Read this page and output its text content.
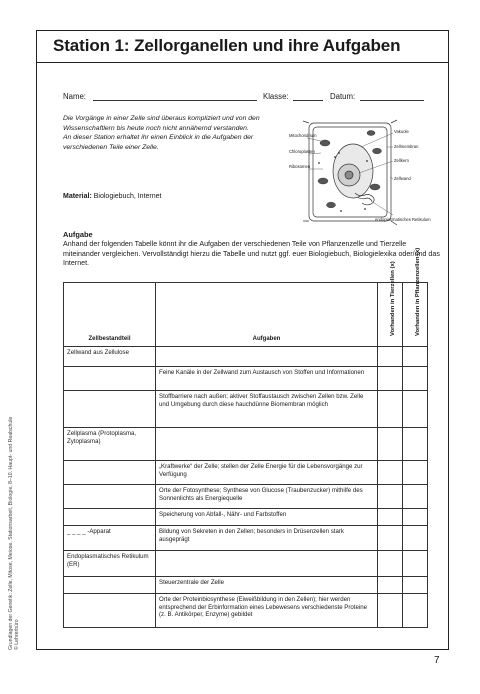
Station 1: Zellorganellen und ihre Aufgaben
Name:	Klasse:	Datum:

Die Vorgänge in einer Zelle sind überaus kompliziert und von den Wissenschaftlern bis heute noch nicht annähernd verstanden.

An dieser Station erhaltet ihr einen Einblick in die Aufgaben der verschiedenen Teile einer Zelle.

Material: Biologiebuch, Internet
Mitochondrium
Chloroplasten
Ribosomen
Vakuole
Zellmembran
Zellkern
Zellwand
endoplasmatisches Retikulum
Aufgabe
Anhand der folgenden Tabelle könnt ihr die Aufgaben der verschiedenen Teile von Pflanzenzelle und Tierzelle miteinander vergleichen. Vervollständigt hierzu die Tabelle und nutzt ggf. euer Biologiebuch, Biologielexika oder/und das Internet.
Zellbestandteil	Aufgaben	Vorhanden in Tierzellen (x)	Vorhanden in Pflanzenzellen (x)

Zellwand aus Zellulose			
	Feine Kanäle in der Zellwand zum Austausch von Stoffen und Informationen		
	Stoffbarriere nach außen; aktiver Stoffaustausch zwischen Zellen bzw. Zelle und Umgebung durch diese hauchdünne Biomembran möglich		
Zellplasma (Protoplasma, Zytoplasma)			
	„Kraftwerke“ der Zelle; stellen der Zelle Energie für die Lebensvorgänge zur Verfügung		
	Orte der Fotosynthese; Synthese von Glucose (Traubenzucker) mithilfe des Sonnenlichts als Energiequelle		
	Speicherung von Abfall-, Nähr- und Farbstoffen		
_ _ _ _ -Apparat	Bildung von Sekreten in den Zellen; besonders in Drüsenzellen stark ausgeprägt		
Endoplasmatisches Retikulum (ER)			
	Steuerzentrale der Zelle		
	Orte der Proteinbiosynthese (Eiweißbildung in den Zellen); hier werden entsprechend der Erbinformation eines Lebewesens verschiedenste Proteine (z. B. Antikörper, Enzyme) gebildet		
Grundlagen der Genetik: Zelle, Mitose, Meiose, Stationsarbeit, Biologie, 8–10. Haupt- und Realschule © Lehrerbüro
7
